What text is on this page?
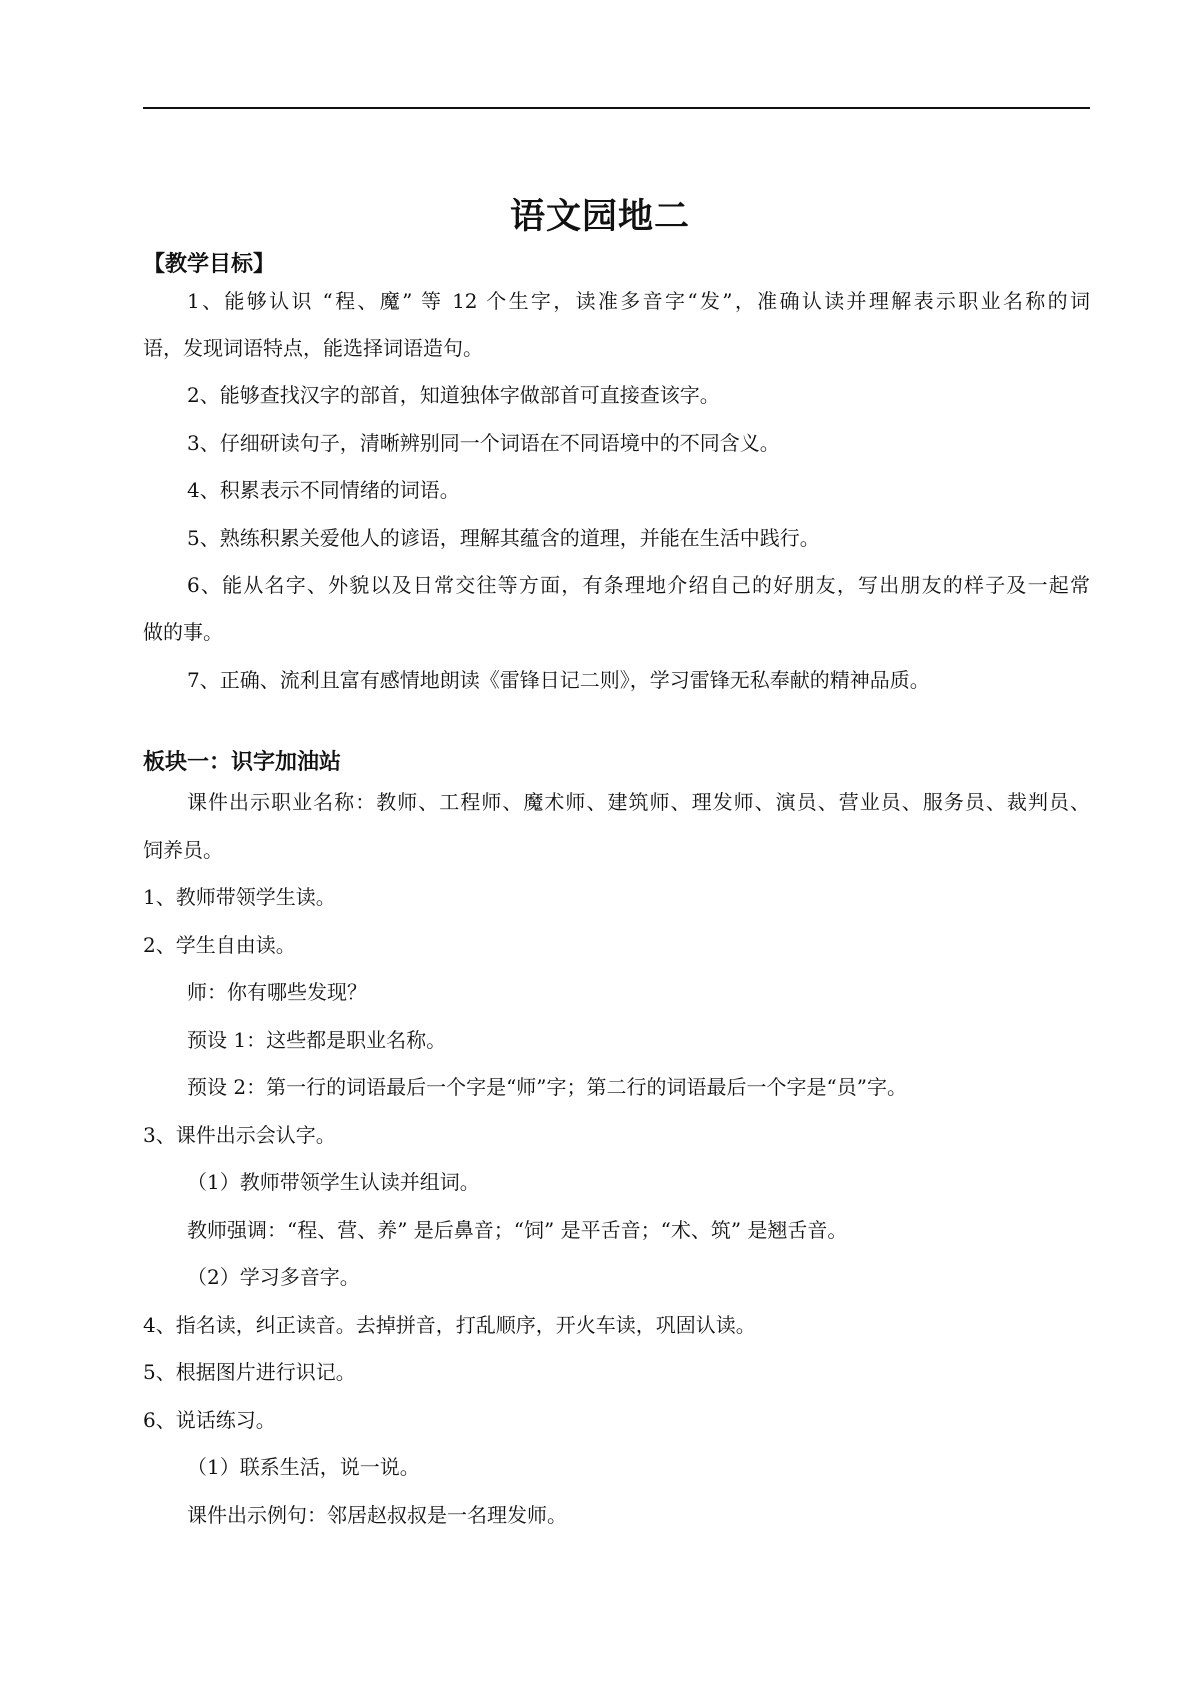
语文园地二
【教学目标】
1、能够认识 “程、魔” 等 12 个生字，读准多音字“发”，准确认读并理解表示职业名称的词
语，发现词语特点，能选择词语造句。
2、能够查找汉字的部首，知道独体字做部首可直接查该字。
3、仔细研读句子，清晰辨别同一个词语在不同语境中的不同含义。
4、积累表示不同情绪的词语。
5、熟练积累关爱他人的谚语，理解其蕴含的道理，并能在生活中践行。
6、能从名字、外貌以及日常交往等方面，有条理地介绍自己的好朋友，写出朋友的样子及一起常
做的事。
7、正确、流利且富有感情地朗读《雷锋日记二则》，学习雷锋无私奉献的精神品质。
板块一：识字加油站
课件出示职业名称：教师、工程师、魔术师、建筑师、理发师、演员、营业员、服务员、裁判员、
饲养员。
1、教师带领学生读。
2、学生自由读。
师：你有哪些发现？
预设 1：这些都是职业名称。
预设 2：第一行的词语最后一个字是“师”字；第二行的词语最后一个字是“员”字。
3、课件出示会认字。
（1）教师带领学生认读并组词。
教师强调：“程、营、养” 是后鼻音；“饲” 是平舌音；“术、筑” 是翘舌音。
（2）学习多音字。
4、指名读，纠正读音。去掉拼音，打乱顺序，开火车读，巩固认读。
5、根据图片进行识记。
6、说话练习。
（1）联系生活，说一说。
课件出示例句：邻居赵叔叔是一名理发师。
